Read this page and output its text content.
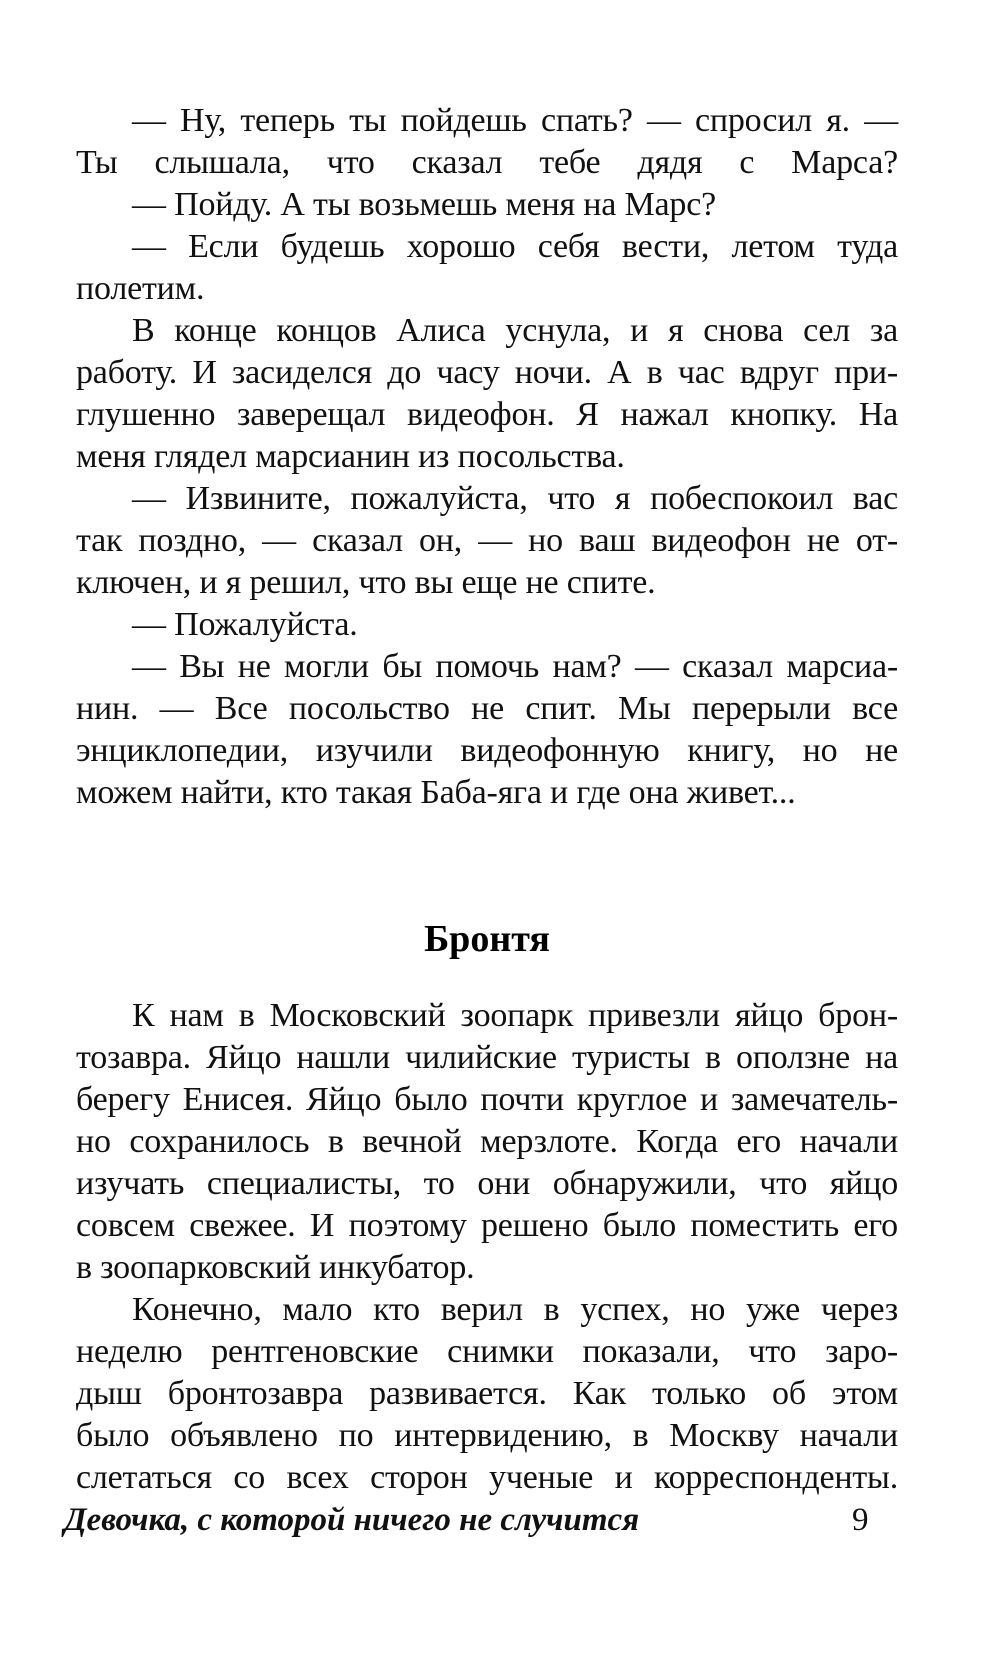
— Ну, теперь ты пойдешь спать? — спросил я. —
Ты слышала, что сказал тебе дядя с Марса?
— Пойду. А ты возьмешь меня на Марс?
— Если будешь хорошо себя вести, летом туда
полетим.
В конце концов Алиса уснула, и я снова сел за
работу. И засиделся до часу ночи. А в час вдруг при-
глушенно заверещал видеофон. Я нажал кнопку. На
меня глядел марсианин из посольства.
— Извините, пожалуйста, что я побеспокоил вас
так поздно, — сказал он, — но ваш видеофон не от-
ключен, и я решил, что вы еще не спите.
— Пожалуйста.
— Вы не могли бы помочь нам? — сказал марсиа-
нин. — Все посольство не спит. Мы перерыли все
энциклопедии, изучили видеофонную книгу, но не
можем найти, кто такая Баба-яга и где она живет...
Бронтя
К нам в Московский зоопарк привезли яйцо брон-
тозавра. Яйцо нашли чилийские туристы в оползне на
берегу Енисея. Яйцо было почти круглое и замечатель-
но сохранилось в вечной мерзлоте. Когда его начали
изучать специалисты, то они обнаружили, что яйцо
совсем свежее. И поэтому решено было поместить его
в зоопарковский инкубатор.
Конечно, мало кто верил в успех, но уже через
неделю рентгеновские снимки показали, что заро-
дыш бронтозавра развивается. Как только об этом
было объявлено по интервидению, в Москву начали
слетаться со всех сторон ученые и корреспонденты.
Девочка, с которой ничего не случится	9
